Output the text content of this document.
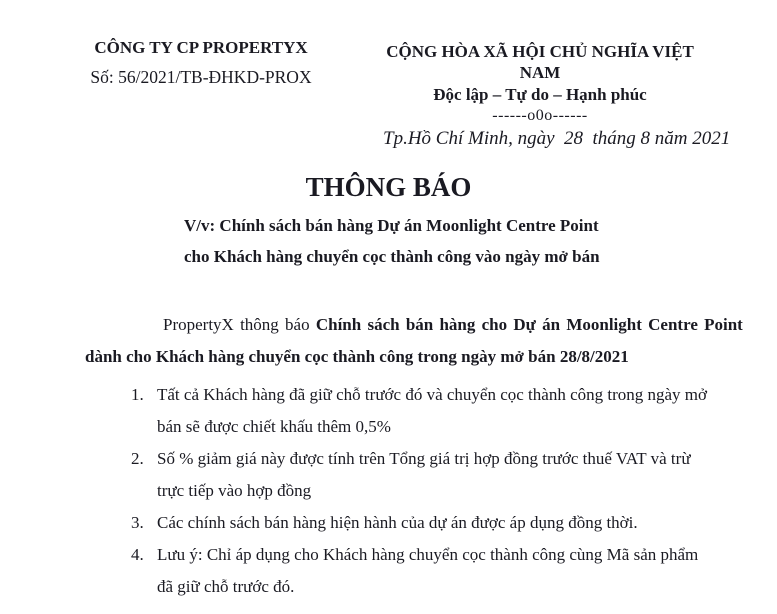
CÔNG TY CP PROPERTYX
Số: 56/2021/TB-ĐHKD-PROX
CỘNG HÒA XÃ HỘI CHỦ NGHĨA VIỆT
NAM
Độc lập – Tự do – Hạnh phúc
------o0o------
Tp.Hồ Chí Minh, ngày  28  tháng 8 năm 2021
THÔNG BÁO
V/v: Chính sách bán hàng Dự án Moonlight Centre Point
cho Khách hàng chuyển cọc thành công vào ngày mở bán
PropertyX thông báo Chính sách bán hàng cho Dự án Moonlight Centre Point
dành cho Khách hàng chuyển cọc thành công trong ngày mở bán 28/8/2021
1. Tất cả Khách hàng đã giữ chỗ trước đó và chuyển cọc thành công trong ngày mở
bán sẽ được chiết khấu thêm 0,5%
2. Số % giảm giá này được tính trên Tổng giá trị hợp đồng trước thuế VAT và trừ
trực tiếp vào hợp đồng
3. Các chính sách bán hàng hiện hành của dự án được áp dụng đồng thời.
4. Lưu ý: Chỉ áp dụng cho Khách hàng chuyển cọc thành công cùng Mã sản phẩm
đã giữ chỗ trước đó.
